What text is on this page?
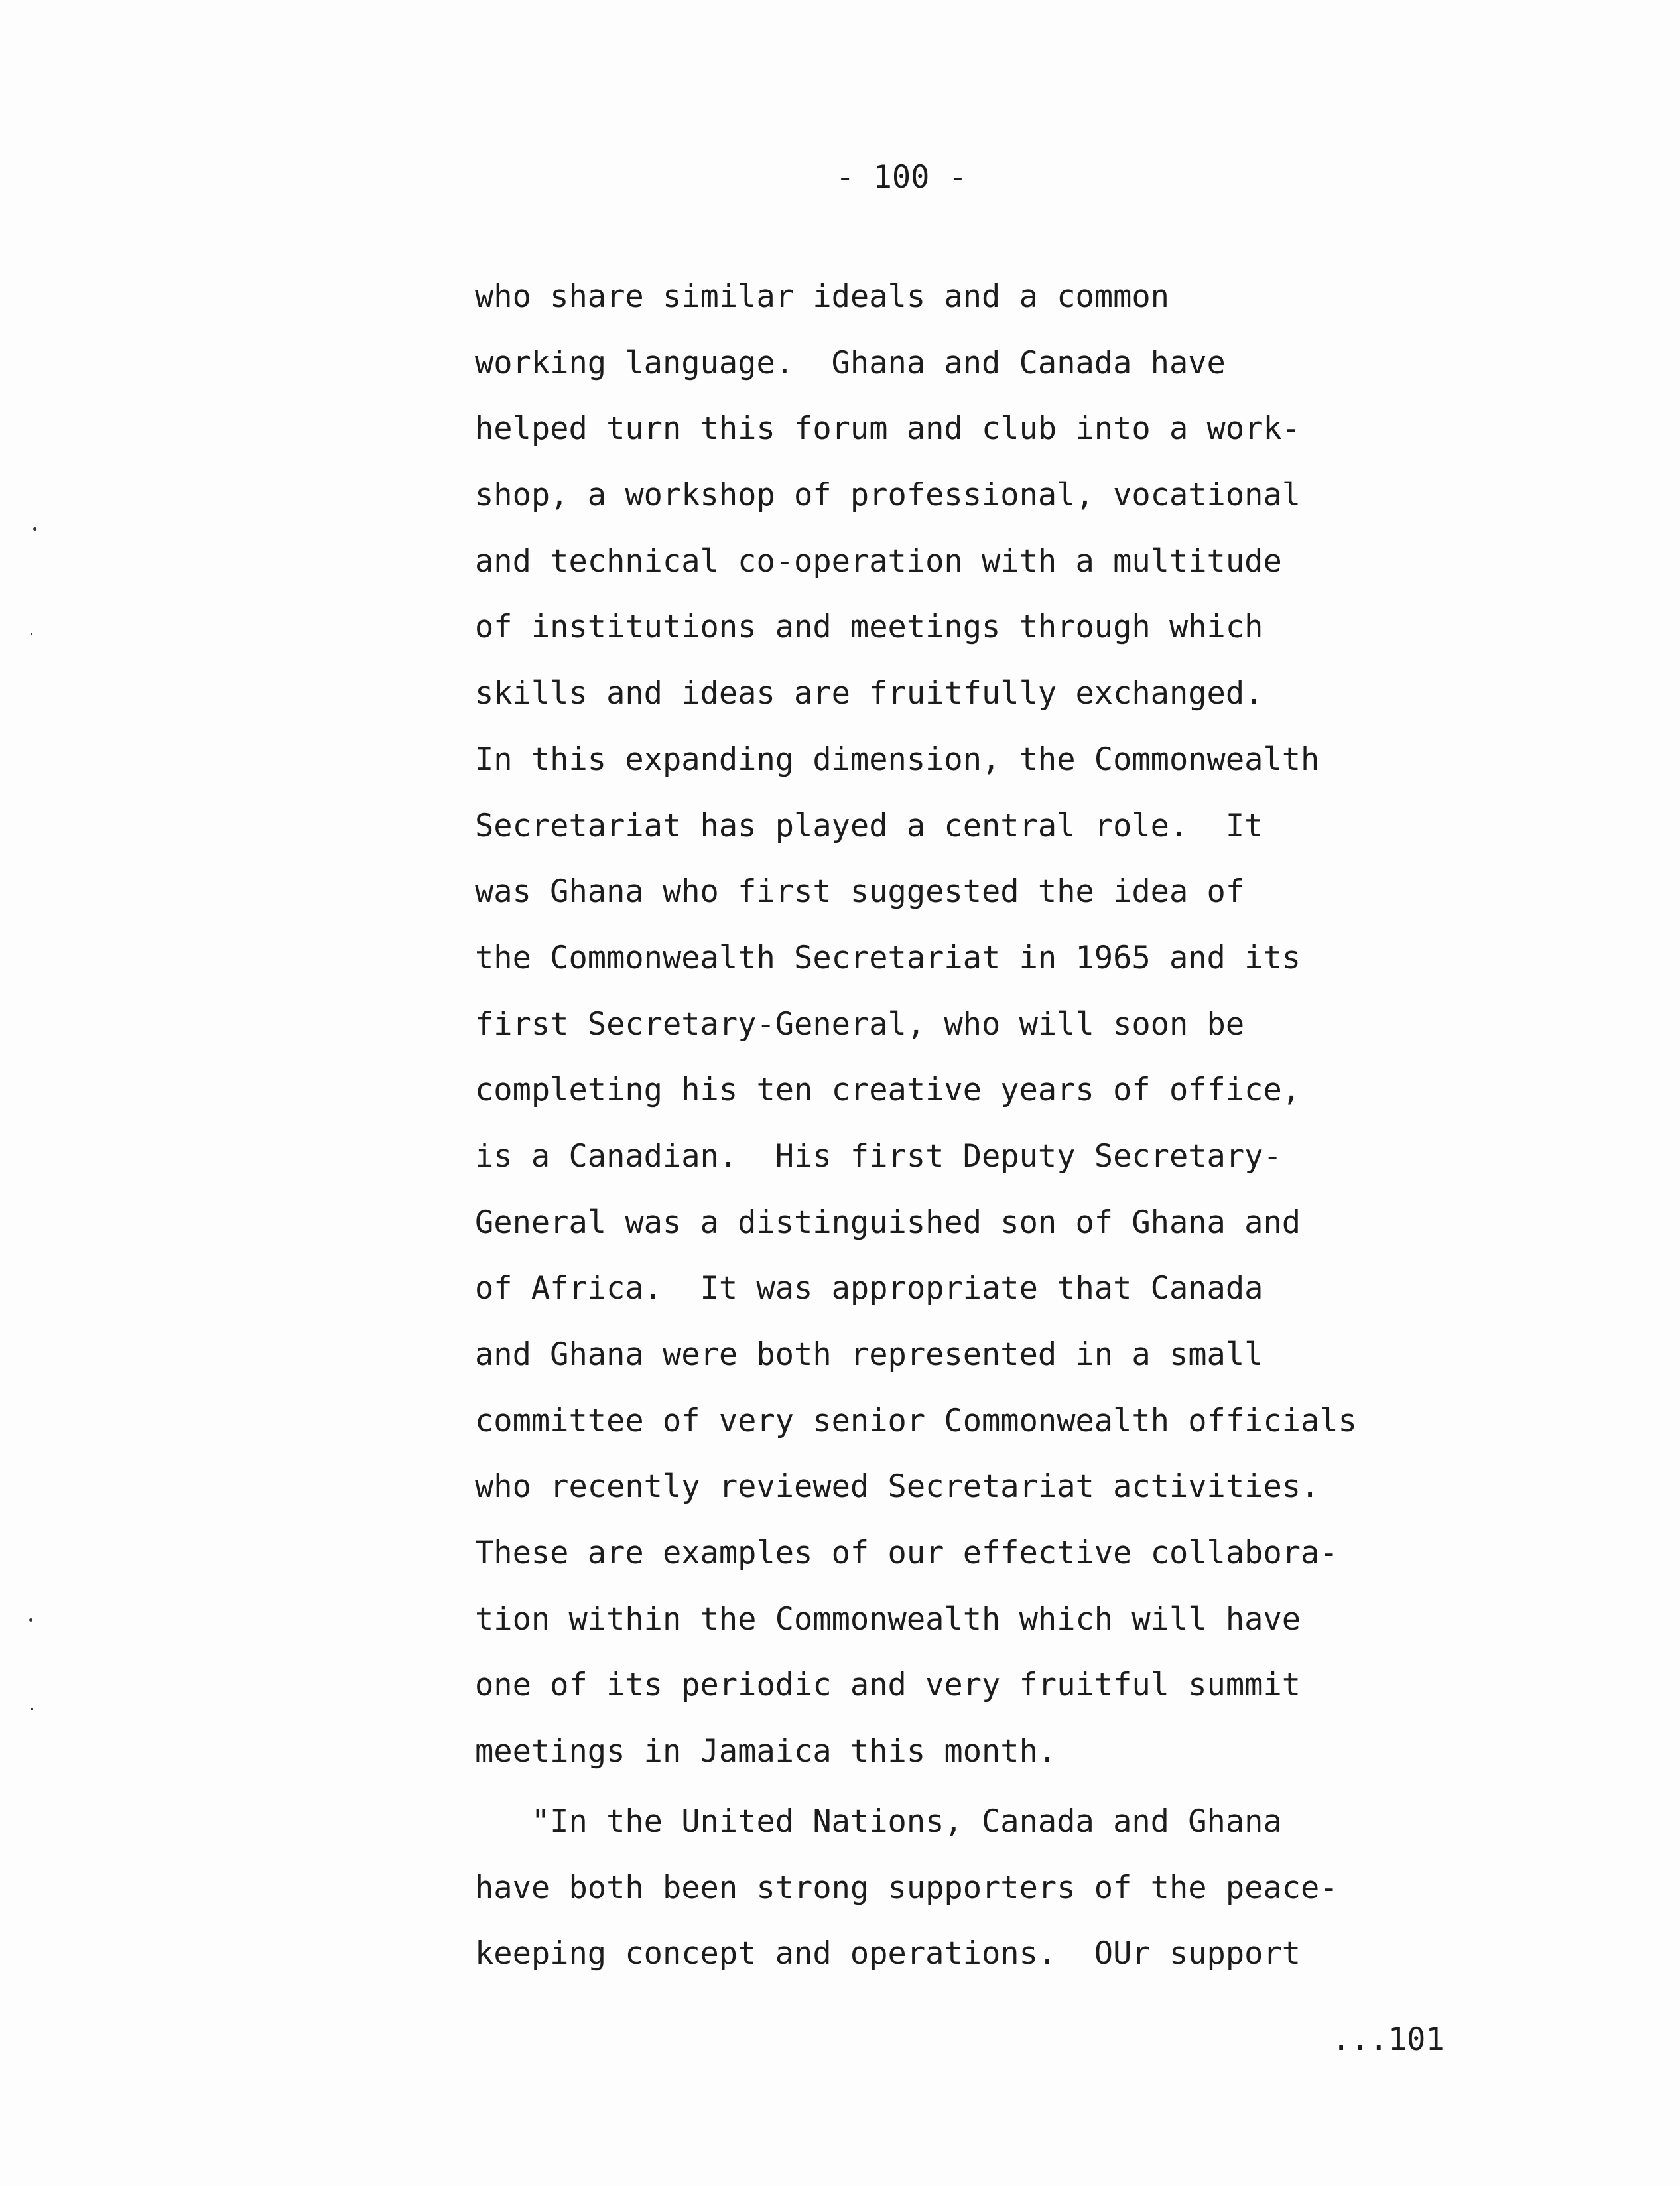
- 100 -
who share similar ideals and a common
working language.  Ghana and Canada have
helped turn this forum and club into a work-
shop, a workshop of professional, vocational
and technical co-operation with a multitude
of institutions and meetings through which
skills and ideas are fruitfully exchanged.
In this expanding dimension, the Commonwealth
Secretariat has played a central role.  It
was Ghana who first suggested the idea of
the Commonwealth Secretariat in 1965 and its
first Secretary-General, who will soon be
completing his ten creative years of office,
is a Canadian.  His first Deputy Secretary-
General was a distinguished son of Ghana and
of Africa.  It was appropriate that Canada
and Ghana were both represented in a small
committee of very senior Commonwealth officials
who recently reviewed Secretariat activities.
These are examples of our effective collabora-
tion within the Commonwealth which will have
one of its periodic and very fruitful summit
meetings in Jamaica this month.
"In the United Nations, Canada and Ghana
have both been strong supporters of the peace-
keeping concept and operations.  OUr support
...101
